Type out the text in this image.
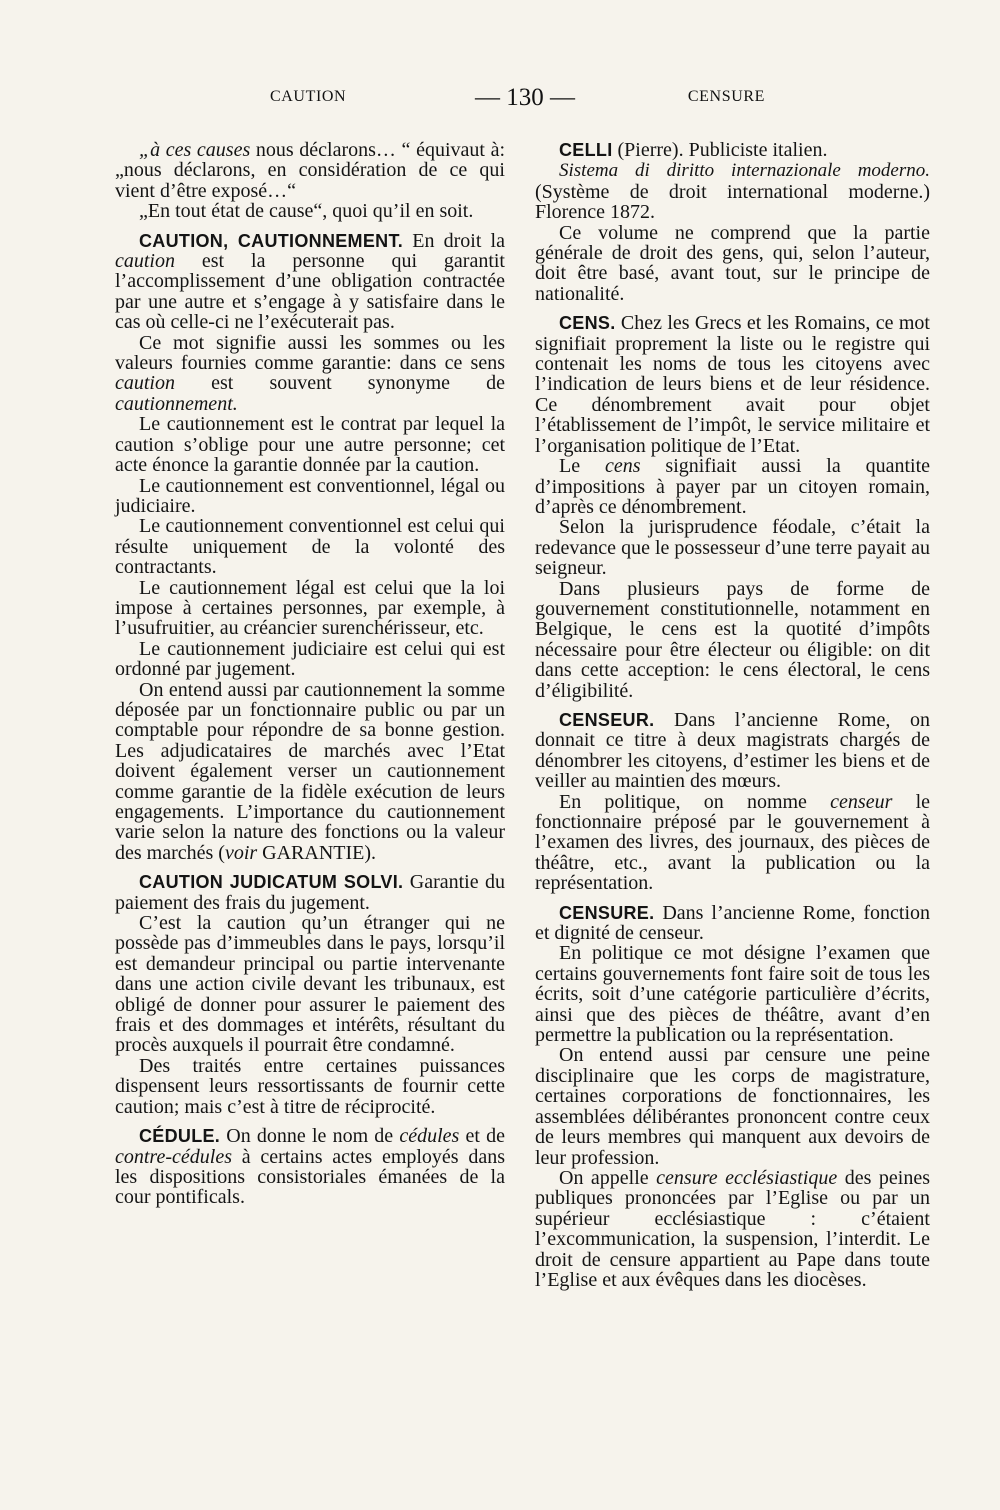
CAUTION	— 130 —	CENSURE

„à ces causes nous déclarons… “ équivaut à: „nous déclarons, en considération de ce qui vient d’être exposé…“

„En tout état de cause“, quoi qu’il en soit.

CAUTION, CAUTIONNEMENT. En droit la caution est la personne qui garantit l’accomplissement d’une obligation contractée par une autre et s’engage à y satisfaire dans le cas où celle-ci ne l’exécuterait pas.

Ce mot signifie aussi les sommes ou les valeurs fournies comme garantie: dans ce sens caution est souvent synonyme de cautionnement.

Le cautionnement est le contrat par lequel la caution s’oblige pour une autre personne; cet acte énonce la garantie donnée par la caution.

Le cautionnement est conventionnel, légal ou judiciaire.

Le cautionnement conventionnel est celui qui résulte uniquement de la volonté des contractants.

Le cautionnement légal est celui que la loi impose à certaines personnes, par exemple, à l’usufruitier, au créancier surenchérisseur, etc.

Le cautionnement judiciaire est celui qui est ordonné par jugement.

On entend aussi par cautionnement la somme déposée par un fonctionnaire public ou par un comptable pour répondre de sa bonne gestion. Les adjudicataires de marchés avec l’Etat doivent également verser un cautionnement comme garantie de la fidèle exécution de leurs engagements. L’importance du cautionnement varie selon la nature des fonctions ou la valeur des marchés (voir GARANTIE).

CAUTION JUDICATUM SOLVI. Garantie du paiement des frais du jugement.

C’est la caution qu’un étranger qui ne possède pas d’immeubles dans le pays, lorsqu’il est demandeur principal ou partie intervenante dans une action civile devant les tribunaux, est obligé de donner pour assurer le paiement des frais et des dommages et intérêts, résultant du procès auxquels il pourrait être condamné.

Des traités entre certaines puissances dispensent leurs ressortissants de fournir cette caution; mais c’est à titre de réciprocité.

CÉDULE. On donne le nom de cédules et de contre-cédules à certains actes employés dans les dispositions consistoriales émanées de la cour pontificals.

CELLI (Pierre). Publiciste italien.

Sistema di diritto internazionale moderno. (Système de droit international moderne.) Florence 1872.

Ce volume ne comprend que la partie générale de droit des gens, qui, selon l’auteur, doit être basé, avant tout, sur le principe de nationalité.

CENS. Chez les Grecs et les Romains, ce mot signifiait proprement la liste ou le registre qui contenait les noms de tous les citoyens avec l’indication de leurs biens et de leur résidence. Ce dénombrement avait pour objet l’établissement de l’impôt, le service militaire et l’organisation politique de l’Etat.

Le cens signifiait aussi la quantite d’impositions à payer par un citoyen romain, d’après ce dénombrement.

Selon la jurisprudence féodale, c’était la redevance que le possesseur d’une terre payait au seigneur.

Dans plusieurs pays de forme de gouvernement constitutionnelle, notamment en Belgique, le cens est la quotité d’impôts nécessaire pour être électeur ou éligible: on dit dans cette acception: le cens électoral, le cens d’éligibilité.

CENSEUR. Dans l’ancienne Rome, on donnait ce titre à deux magistrats chargés de dénombrer les citoyens, d’estimer les biens et de veiller au maintien des mœurs.

En politique, on nomme censeur le fonctionnaire préposé par le gouvernement à l’examen des livres, des journaux, des pièces de théâtre, etc., avant la publication ou la représentation.

CENSURE. Dans l’ancienne Rome, fonction et dignité de censeur.

En politique ce mot désigne l’examen que certains gouvernements font faire soit de tous les écrits, soit d’une catégorie particulière d’écrits, ainsi que des pièces de théâtre, avant d’en permettre la publication ou la représentation.

On entend aussi par censure une peine disciplinaire que les corps de magistrature, certaines corporations de fonctionnaires, les assemblées délibérantes prononcent contre ceux de leurs membres qui manquent aux devoirs de leur profession.

On appelle censure ecclésiastique des peines publiques prononcées par l’Eglise ou par un supérieur ecclésiastique : c’étaient l’excommunication, la suspension, l’interdit. Le droit de censure appartient au Pape dans toute l’Eglise et aux évêques dans les diocèses.
